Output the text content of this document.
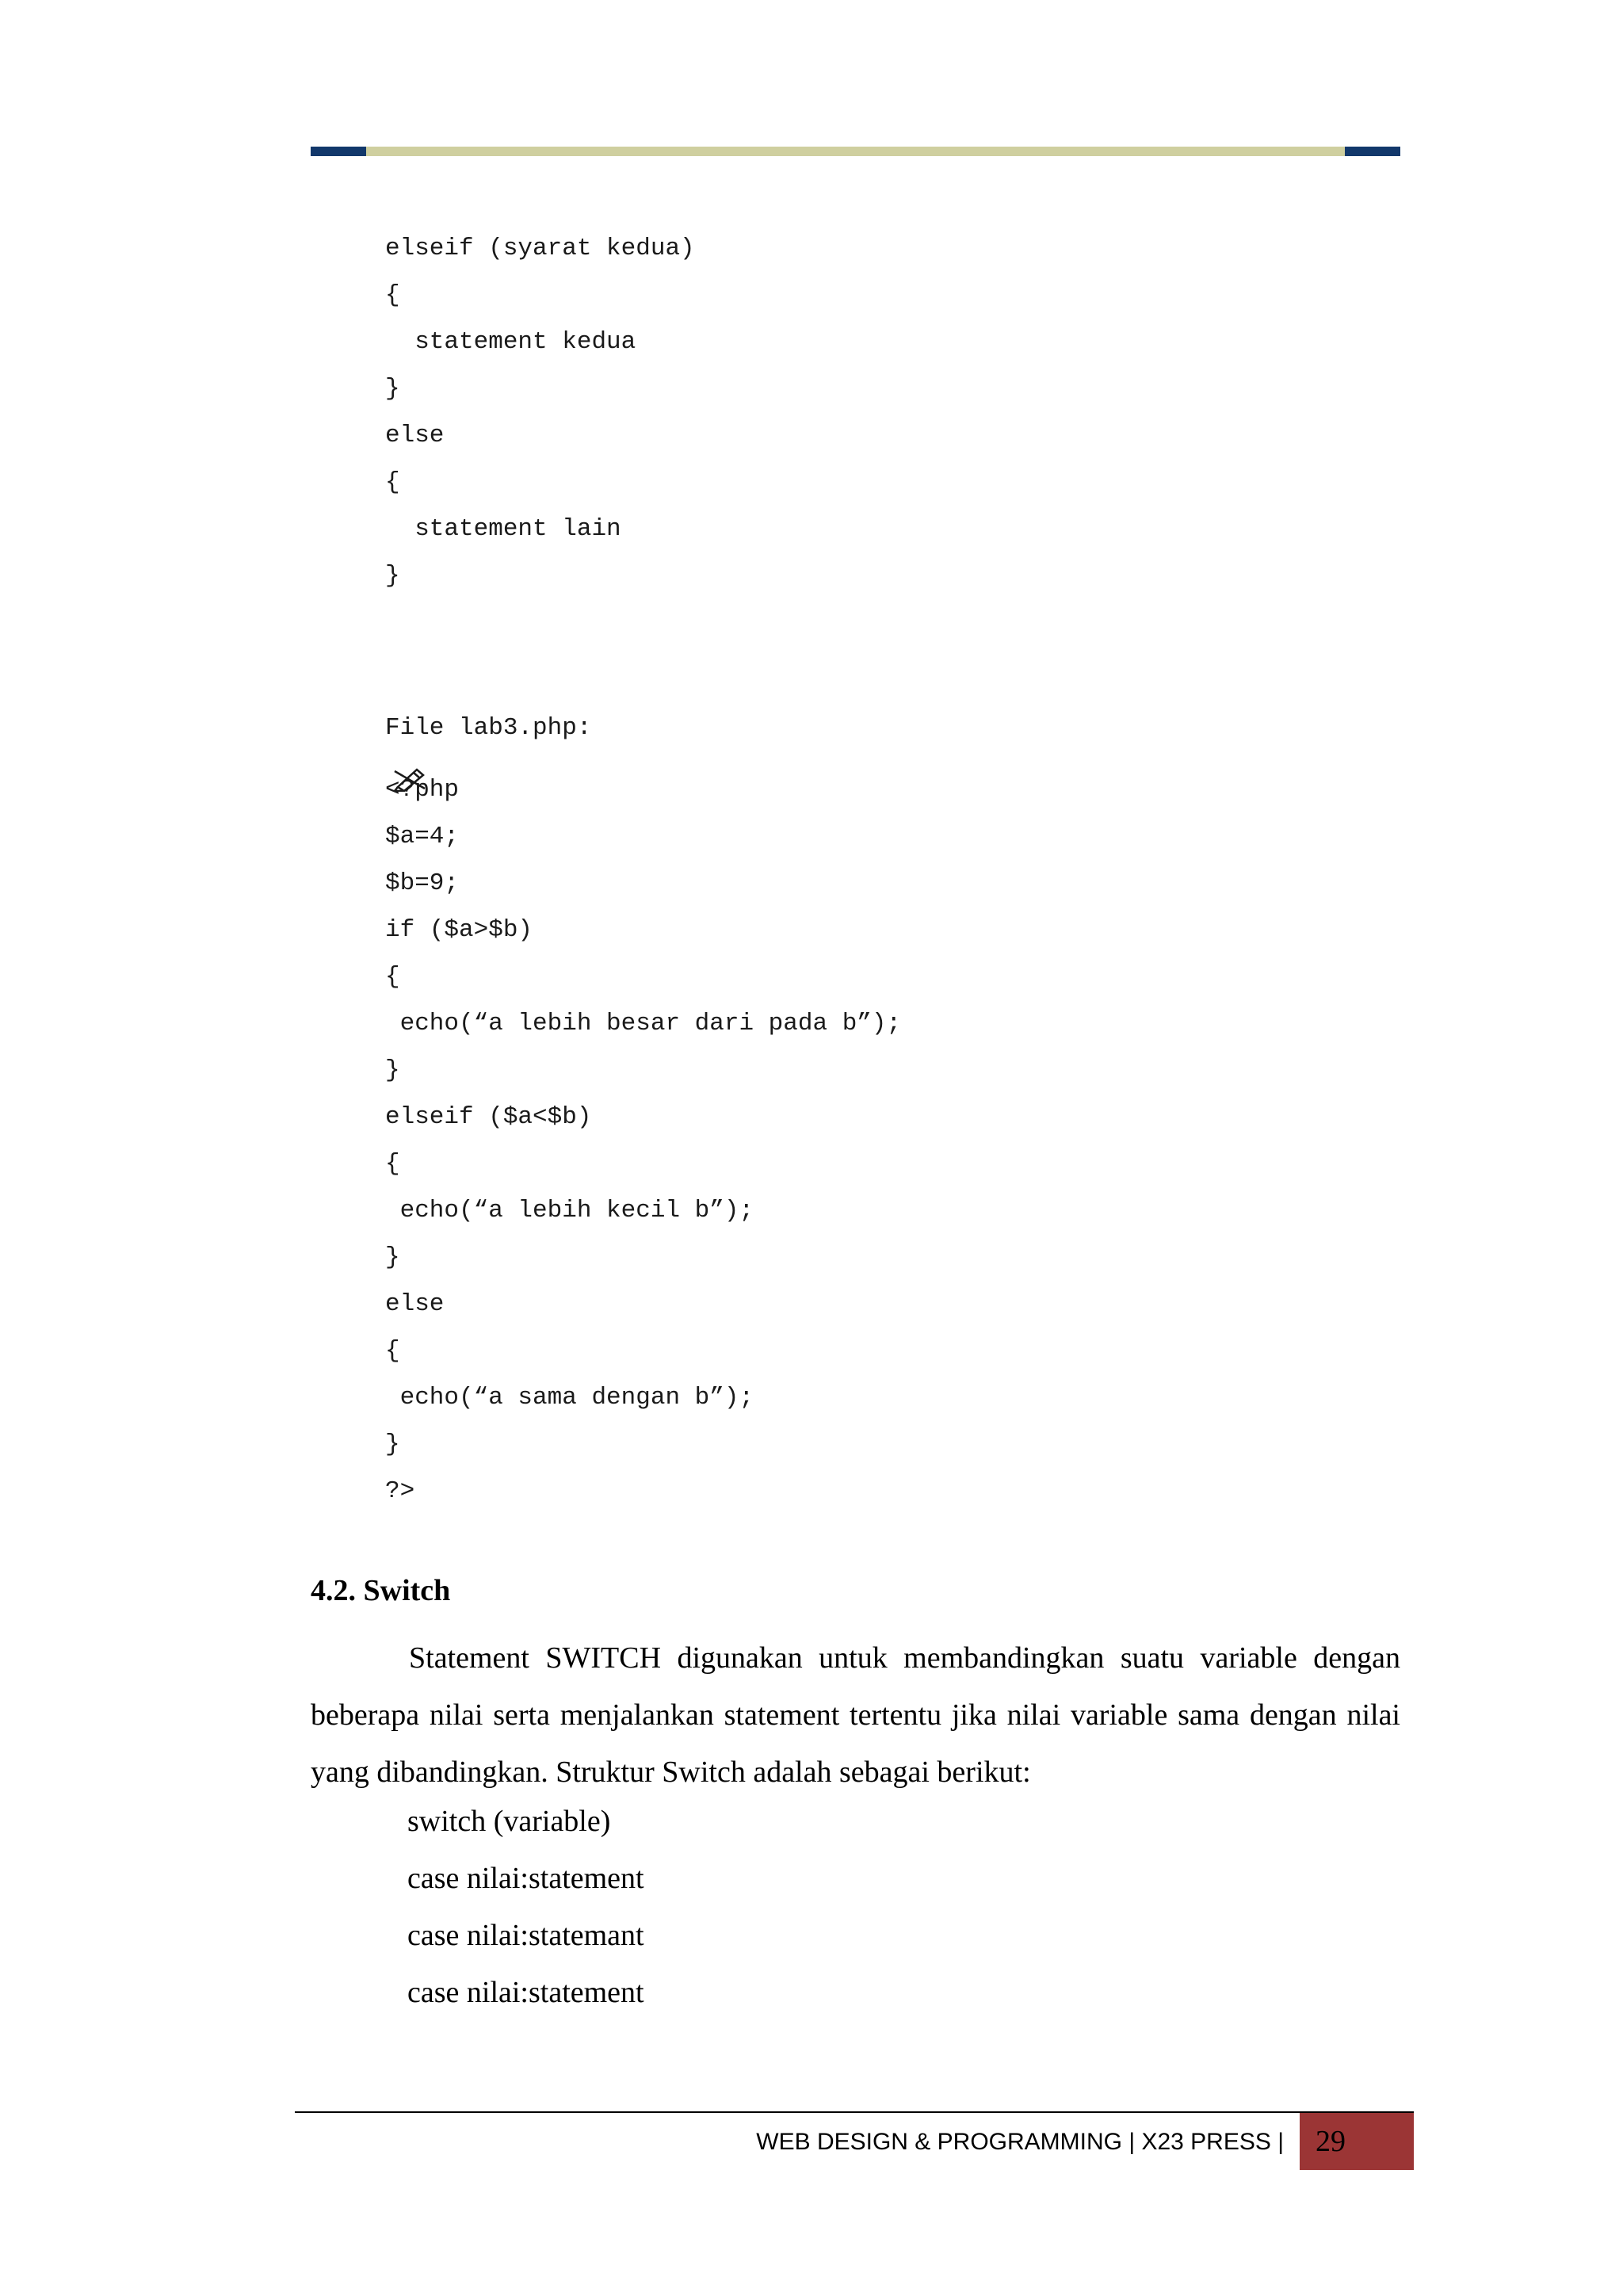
elseif (syarat kedua)
{
statement kedua
}
else
{
statement lain
}

File lab3.php:
<?php
$a=4;
$b=9;
if ($a>$b)
{
echo(“a lebih besar dari pada b”);
}
elseif ($a<$b)
{
echo(“a lebih kecil b”);
}
else
{
echo(“a sama dengan b”);
}
?>
4.2. Switch

Statement SWITCH digunakan untuk membandingkan suatu variable dengan beberapa nilai serta menjalankan statement tertentu jika nilai variable sama dengan nilai yang dibandingkan. Struktur Switch adalah sebagai berikut:

switch (variable)
case nilai:statement
case nilai:statemant
case nilai:statement
WEB DESIGN & PROGRAMMING | X23 PRESS |	29
